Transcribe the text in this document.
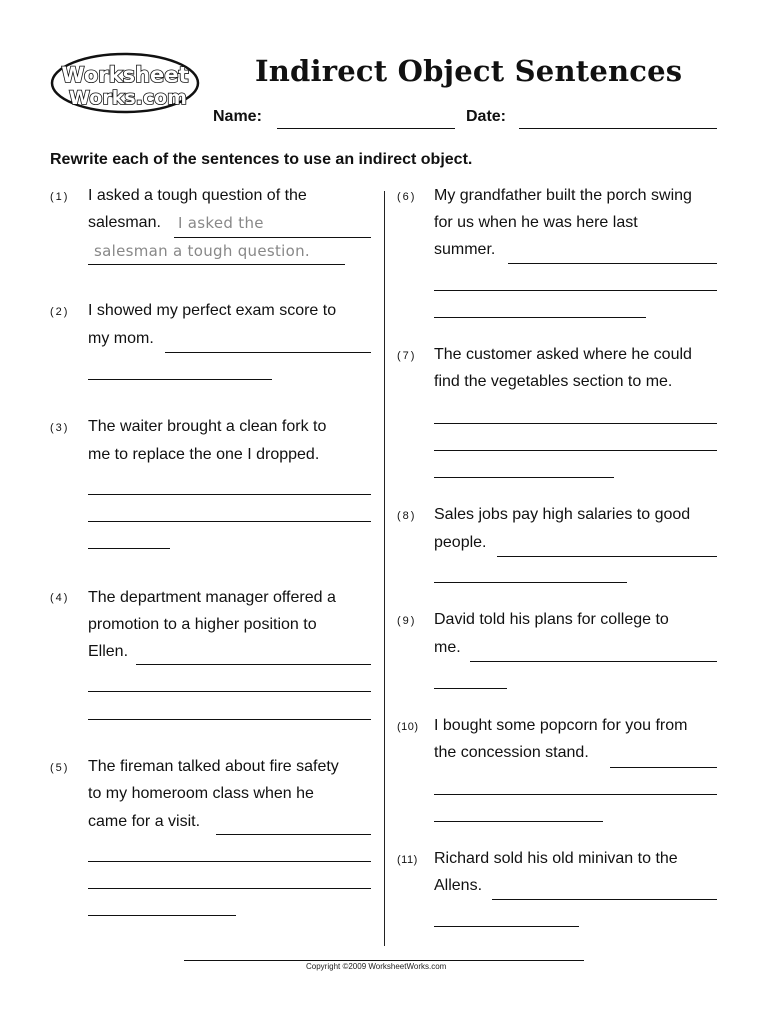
Worksheet
Works.com
Indirect Object Sentences
Name:	Date:
Rewrite each of the sentences to use an indirect object.
(1) I asked a tough question of the
salesman. I asked the
salesman a tough question.
(2) I showed my perfect exam score to
my mom.
(3) The waiter brought a clean fork to
me to replace the one I dropped.
(4) The department manager offered a
promotion to a higher position to
Ellen.
(5) The fireman talked about fire safety
to my homeroom class when he
came for a visit.
(6) My grandfather built the porch swing
for us when he was here last
summer.
(7) The customer asked where he could
find the vegetables section to me.
(8) Sales jobs pay high salaries to good
people.
(9) David told his plans for college to
me.
(10) I bought some popcorn for you from
the concession stand.
(11) Richard sold his old minivan to the
Allens.
Copyright ©2009 WorksheetWorks.com
